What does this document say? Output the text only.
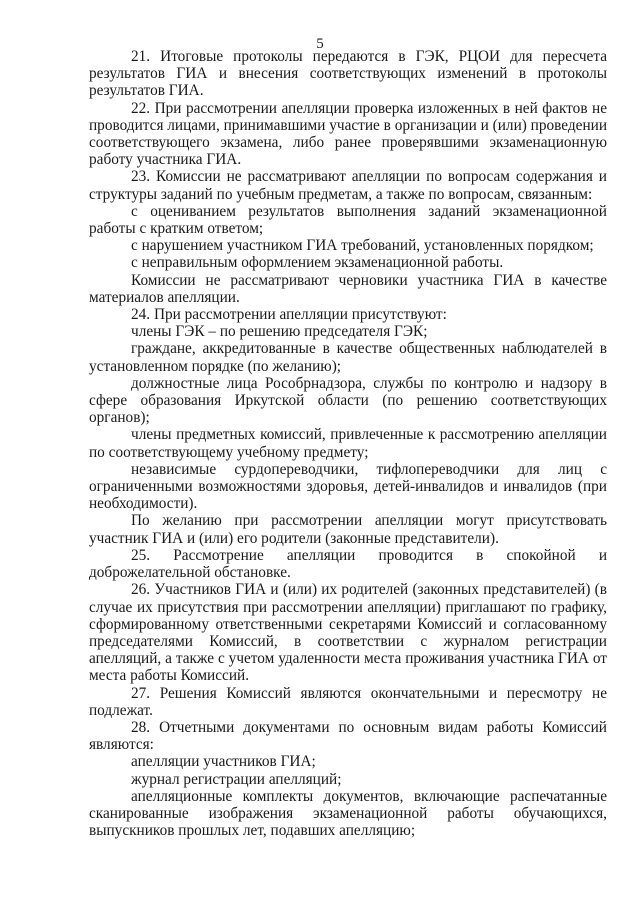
5

21. Итоговые протоколы передаются в ГЭК, РЦОИ для пересчета результатов ГИА и внесения соответствующих изменений в протоколы результатов ГИА.

22. При рассмотрении апелляции проверка изложенных в ней фактов не проводится лицами, принимавшими участие в организации и (или) проведении соответствующего экзамена, либо ранее проверявшими экзаменационную работу участника ГИА.

23. Комиссии не рассматривают апелляции по вопросам содержания и структуры заданий по учебным предметам, а также по вопросам, связанным:

с оцениванием результатов выполнения заданий экзаменационной работы с кратким ответом;

с нарушением участником ГИА требований, установленных порядком;

с неправильным оформлением экзаменационной работы.

Комиссии не рассматривают черновики участника ГИА в качестве материалов апелляции.

24. При рассмотрении апелляции присутствуют:

члены ГЭК – по решению председателя ГЭК;

граждане, аккредитованные в качестве общественных наблюдателей в установленном порядке (по желанию);

должностные лица Рособрнадзора, службы по контролю и надзору в сфере образования Иркутской области (по решению соответствующих органов);

члены предметных комиссий, привлеченные к рассмотрению апелляции по соответствующему учебному предмету;

независимые сурдопереводчики, тифлопереводчики для лиц с ограниченными возможностями здоровья, детей-инвалидов и инвалидов (при необходимости).

По желанию при рассмотрении апелляции могут присутствовать участник ГИА и (или) его родители (законные представители).

25. Рассмотрение апелляции проводится в спокойной и доброжелательной обстановке.

26. Участников ГИА и (или) их родителей (законных представителей) (в случае их присутствия при рассмотрении апелляции) приглашают по графику, сформированному ответственными секретарями Комиссий и согласованному председателями Комиссий, в соответствии с журналом регистрации апелляций, а также с учетом удаленности места проживания участника ГИА от места работы Комиссий.

27. Решения Комиссий являются окончательными и пересмотру не подлежат.

28. Отчетными документами по основным видам работы Комиссий являются:

апелляции участников ГИА;

журнал регистрации апелляций;

апелляционные комплекты документов, включающие распечатанные сканированные изображения экзаменационной работы обучающихся, выпускников прошлых лет, подавших апелляцию;
